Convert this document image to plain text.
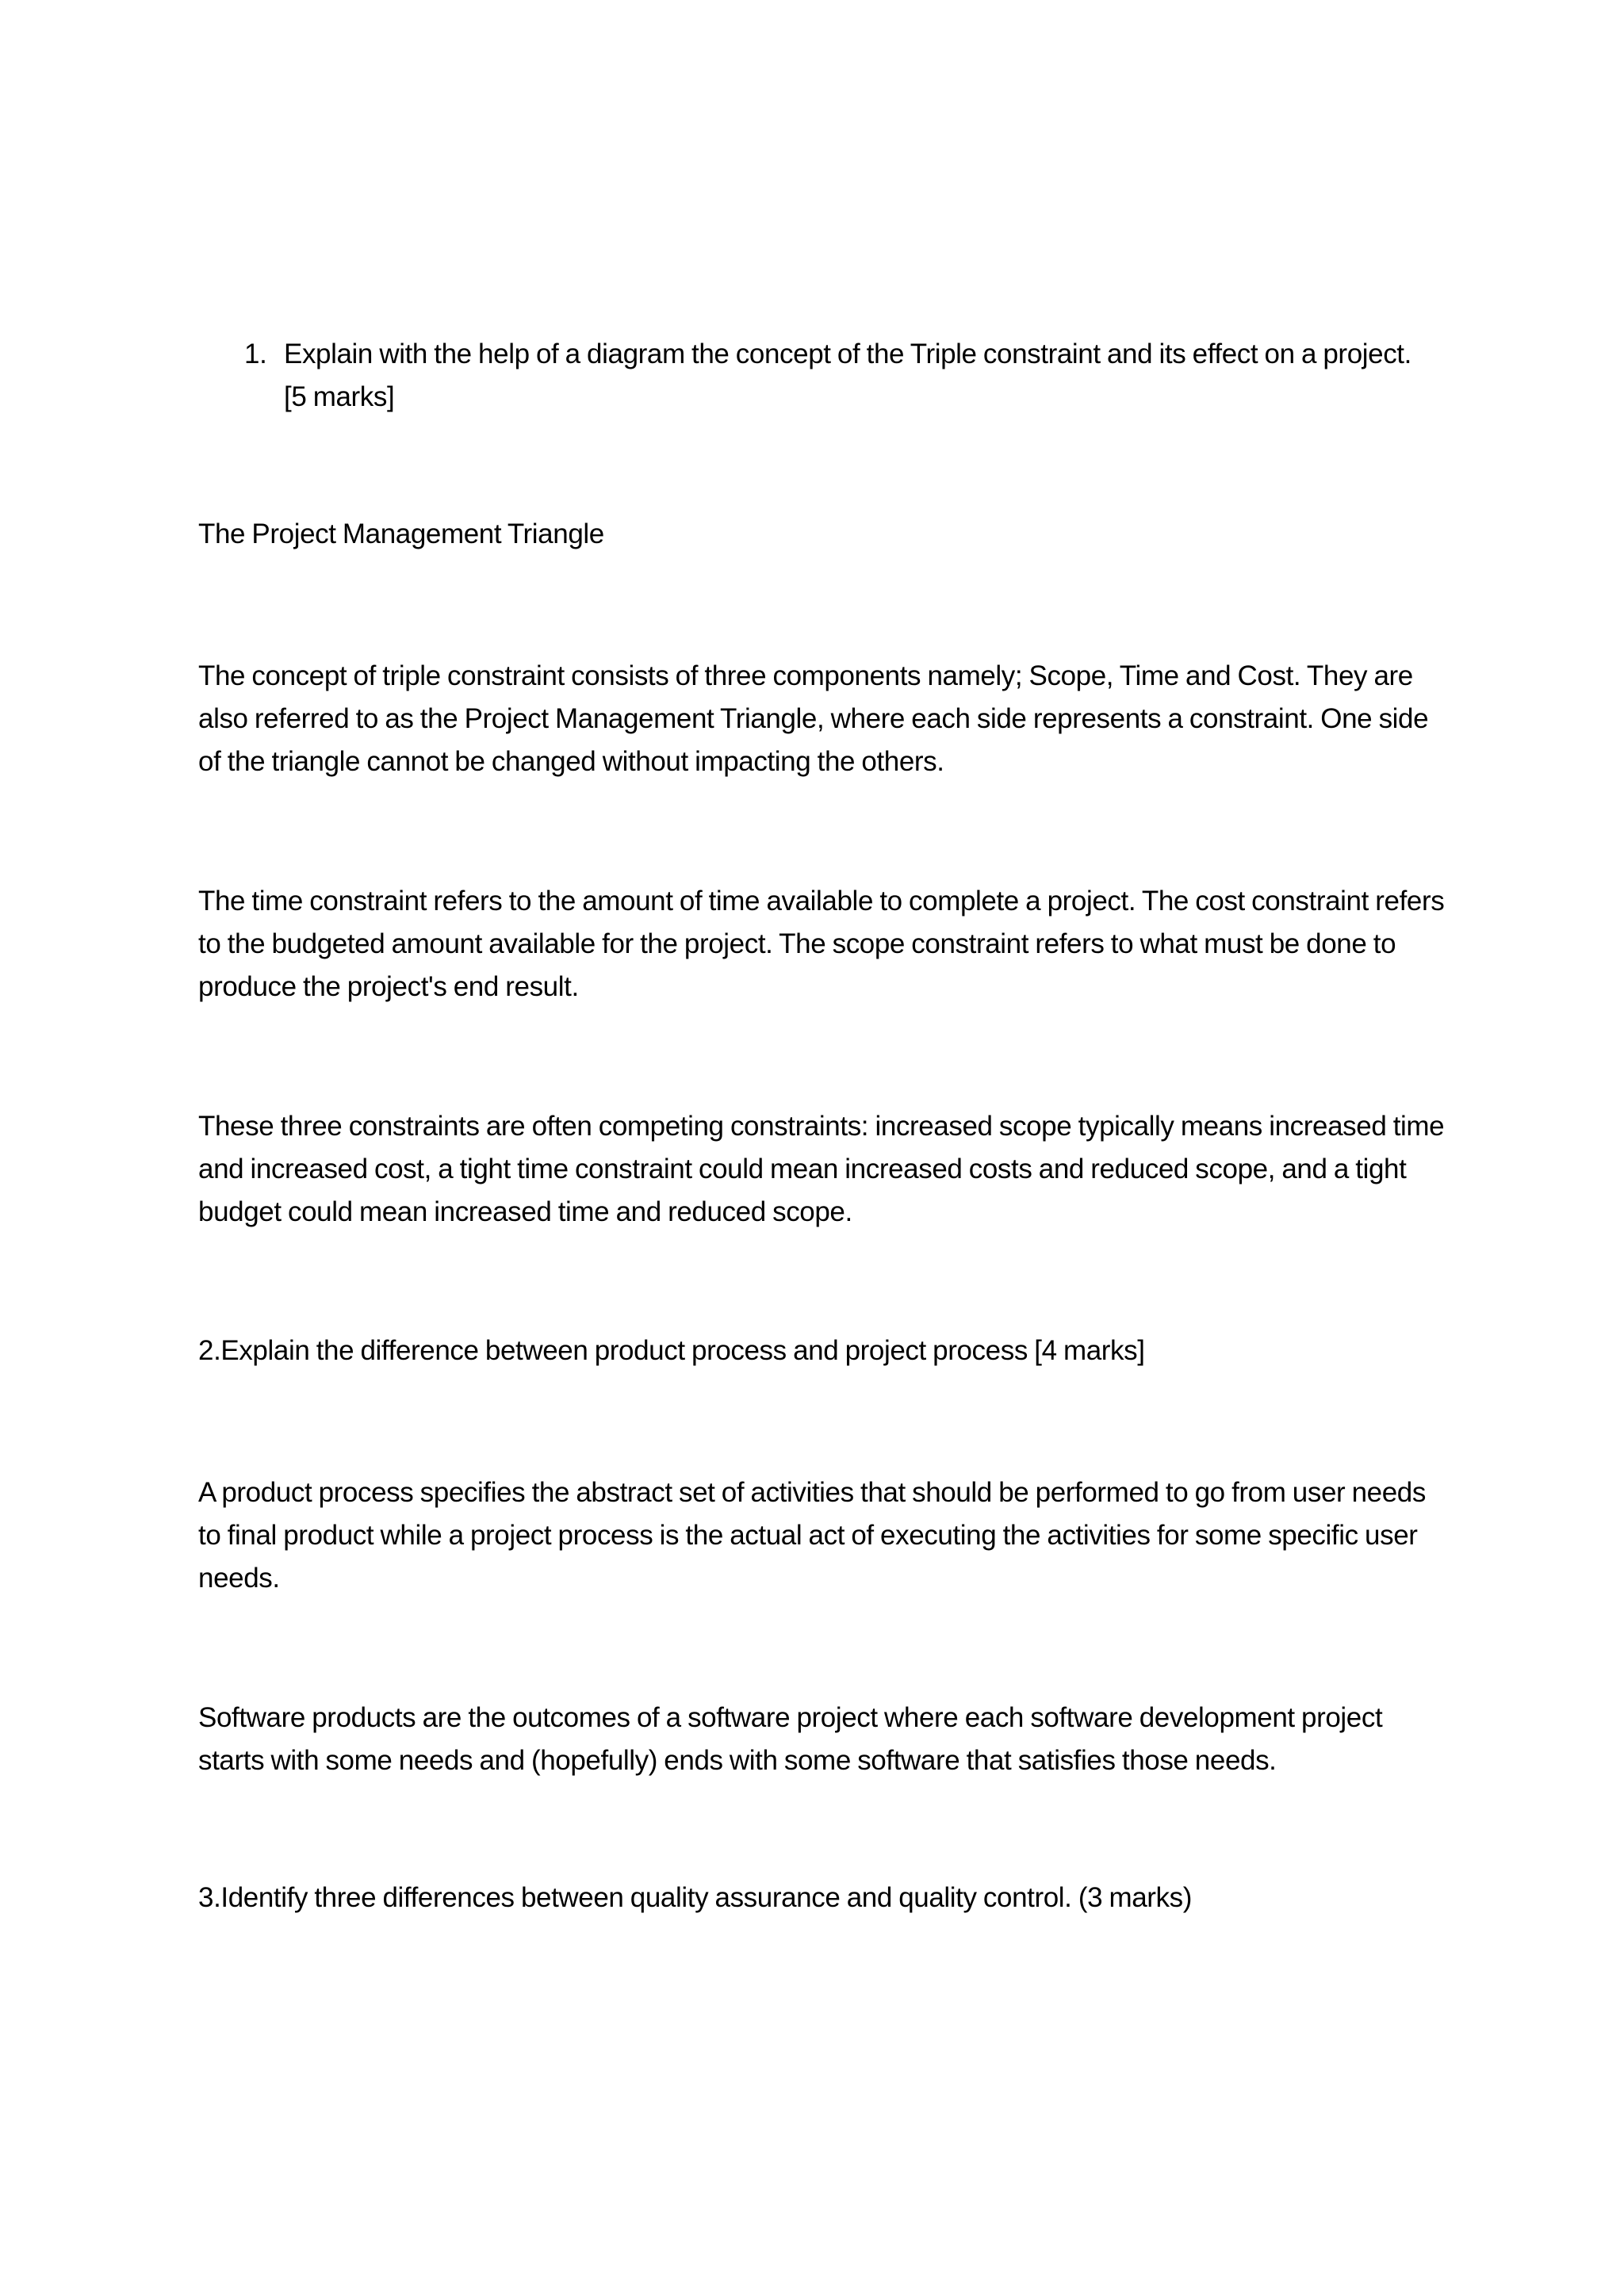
1. Explain with the help of a diagram the concept of the Triple constraint and its effect on a project. [5 marks]
The Project Management Triangle
The concept of triple constraint consists of three components namely; Scope, Time and Cost. They are also referred to as the Project Management Triangle, where each side represents a constraint. One side of the triangle cannot be changed without impacting the others.
The time constraint refers to the amount of time available to complete a project. The cost constraint refers to the budgeted amount available for the project. The scope constraint refers to what must be done to produce the project's end result.
These three constraints are often competing constraints: increased scope typically means increased time and increased cost, a tight time constraint could mean increased costs and reduced scope, and a tight budget could mean increased time and reduced scope.
2.Explain the difference between product process and project process [4 marks]
A product process specifies the abstract set of activities that should be performed to go from user needs to final product while a project process is the actual act of executing the activities for some specific user needs.
Software products are the outcomes of a software project where each software development project starts with some needs and (hopefully) ends with some software that satisfies those needs.
3.Identify three differences between quality assurance and quality control. (3 marks)
